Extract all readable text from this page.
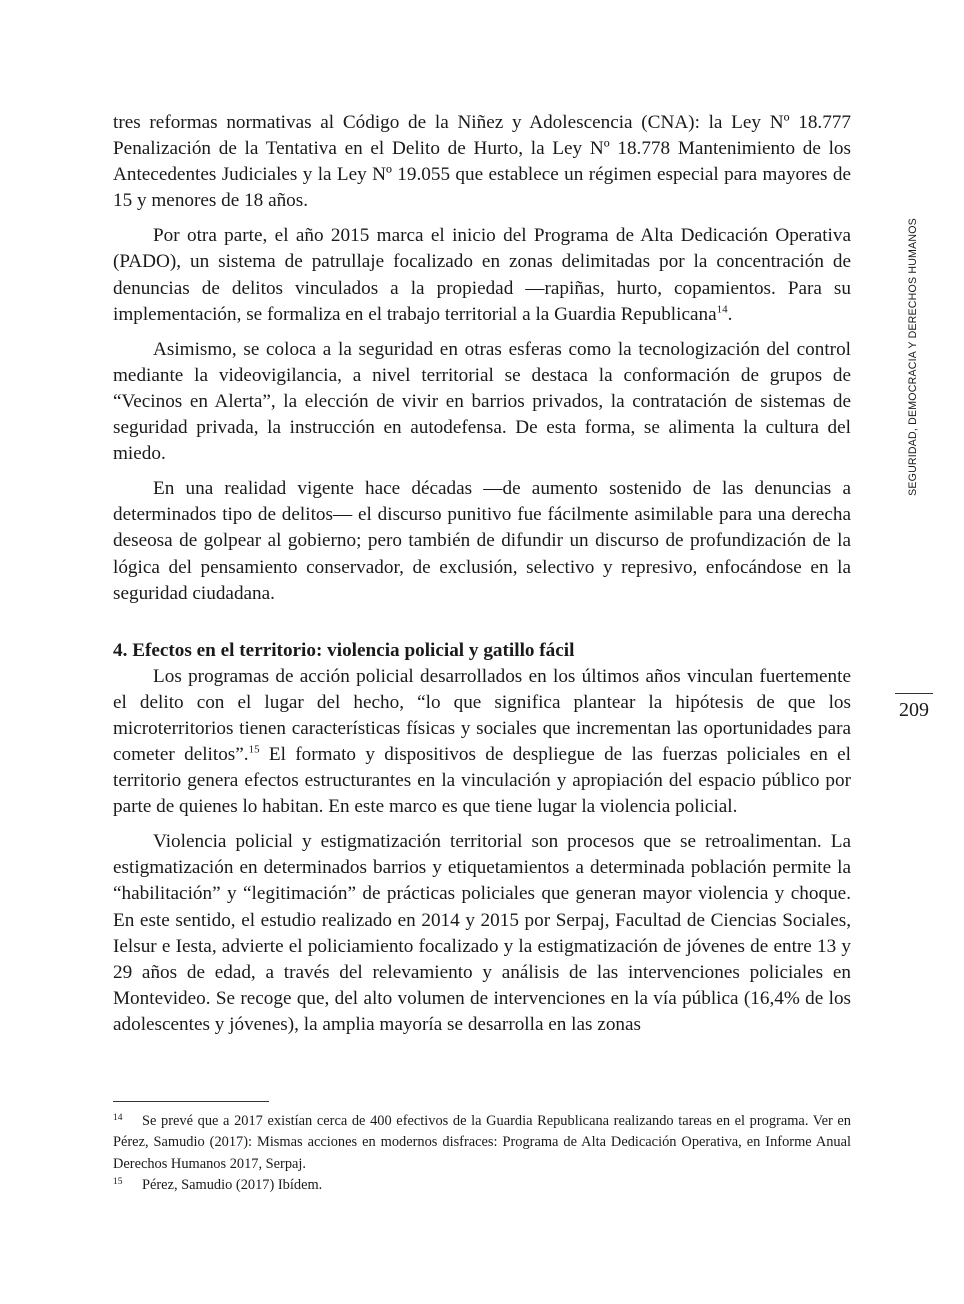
tres reformas normativas al Código de la Niñez y Adolescencia (CNA): la Ley Nº 18.777 Penalización de la Tentativa en el Delito de Hurto, la Ley Nº 18.778 Mantenimiento de los Antecedentes Judiciales y la Ley Nº 19.055 que establece un régimen especial para mayores de 15 y menores de 18 años.

Por otra parte, el año 2015 marca el inicio del Programa de Alta Dedicación Operativa (PADO), un sistema de patrullaje focalizado en zonas delimitadas por la concentración de denuncias de delitos vinculados a la propiedad —rapiñas, hurto, copamientos. Para su implementación, se formaliza en el trabajo territorial a la Guardia Republicana$^{14}$.

Asimismo, se coloca a la seguridad en otras esferas como la tecnologización del control mediante la videovigilancia, a nivel territorial se destaca la conformación de grupos de “Vecinos en Alerta”, la elección de vivir en barrios privados, la contratación de sistemas de seguridad privada, la instrucción en autodefensa. De esta forma, se alimenta la cultura del miedo.

En una realidad vigente hace décadas —de aumento sostenido de las denuncias a determinados tipo de delitos— el discurso punitivo fue fácilmente asimilable para una derecha deseosa de golpear al gobierno; pero también de difundir un discurso de profundización de la lógica del pensamiento conservador, de exclusión, selectivo y represivo, enfocándose en la seguridad ciudadana.

4. Efectos en el territorio: violencia policial y gatillo fácil

Los programas de acción policial desarrollados en los últimos años vinculan fuertemente el delito con el lugar del hecho, “lo que significa plantear la hipótesis de que los microterritorios tienen características físicas y sociales que incrementan las oportunidades para cometer delitos”.$^{15}$ El formato y dispositivos de despliegue de las fuerzas policiales en el territorio genera efectos estructurantes en la vinculación y apropiación del espacio público por parte de quienes lo habitan. En este marco es que tiene lugar la violencia policial.

Violencia policial y estigmatización territorial son procesos que se retroalimentan. La estigmatización en determinados barrios y etiquetamientos a determinada población permite la “habilitación” y “legitimación” de prácticas policiales que generan mayor violencia y choque. En este sentido, el estudio realizado en 2014 y 2015 por Serpaj, Facultad de Ciencias Sociales, Ielsur e Iesta, advierte el policiamiento focalizado y la estigmatización de jóvenes de entre 13 y 29 años de edad, a través del relevamiento y análisis de las intervenciones policiales en Montevideo. Se recoge que, del alto volumen de intervenciones en la vía pública (16,4% de los adolescentes y jóvenes), la amplia mayoría se desarrolla en las zonas

SEGURIDAD, DEMOCRACIA Y DERECHOS HUMANOS
209
14	Se prevé que a 2017 existían cerca de 400 efectivos de la Guardia Republicana realizando tareas en el programa. Ver en Pérez, Samudio (2017): Mismas acciones en modernos disfraces: Programa de Alta Dedicación Operativa, en Informe Anual Derechos Humanos 2017, Serpaj.
15	Pérez, Samudio (2017) Ibídem.
